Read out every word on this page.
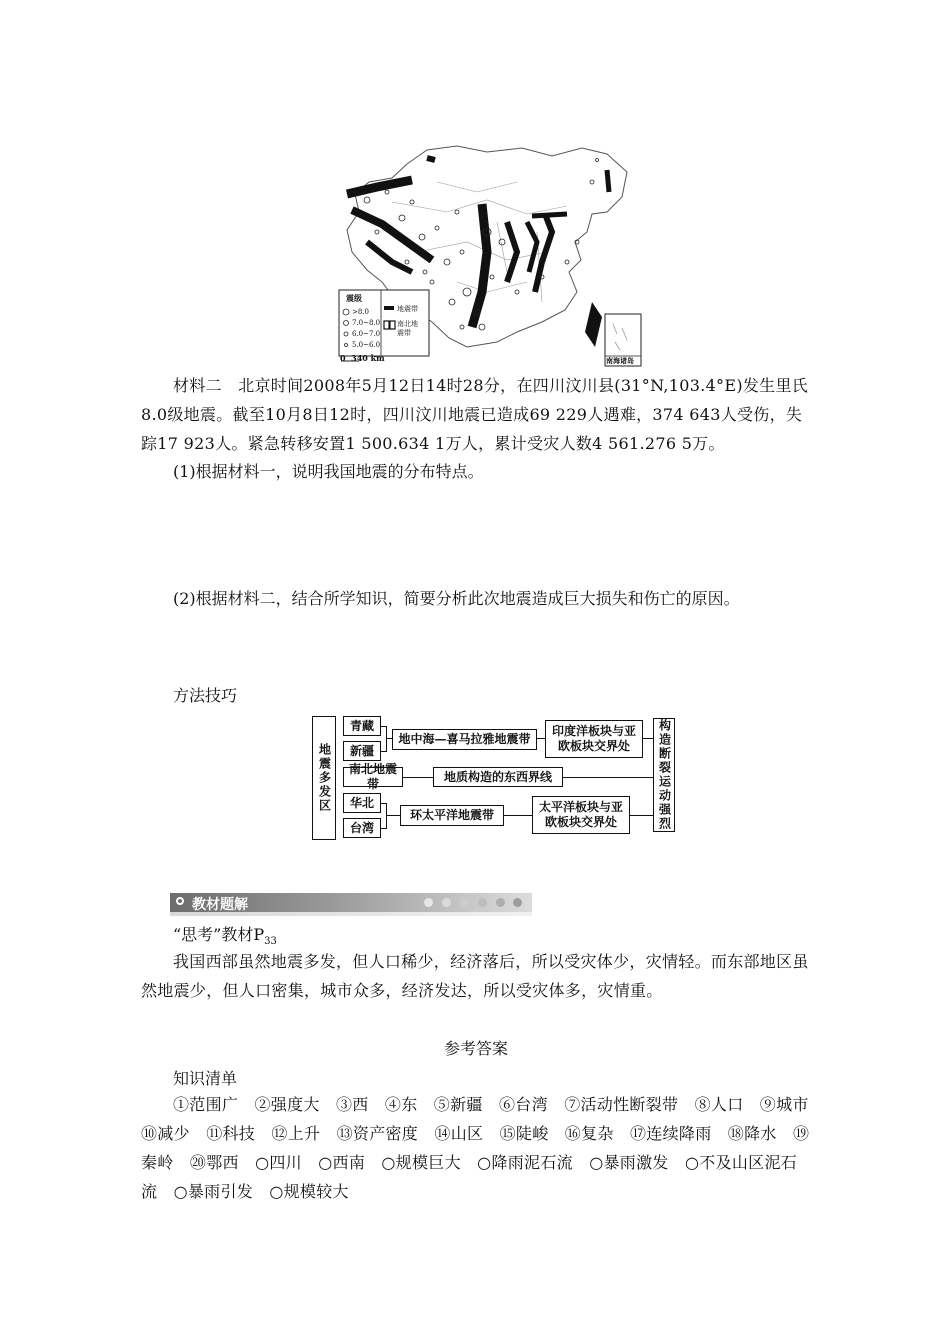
震级
>8.0
7.0~8.0
6.0~7.0
5.0~6.0
地震带
南北地
震带
0  340 km	南海诸岛
材料二　北京时间2008年5月12日14时28分，在四川汶川县(31°N,103.4°E)发生里氏8.0级地震。截至10月8日12时，四川汶川地震已造成69 229人遇难，374 643人受伤，失踪17 923人。紧急转移安置1 500.634 1万人，累计受灾人数4 561.276 5万。
(1)根据材料一，说明我国地震的分布特点。
(2)根据材料二，结合所学知识，简要分析此次地震造成巨大损失和伤亡的原因。
方法技巧
地震多发区
青藏
新疆
地中海—喜马拉雅地震带
印度洋板块与亚
欧板块交界处
南北地震带
地质构造的东西界线
华北
台湾
环太平洋地震带
太平洋板块与亚
欧板块交界处	构造断裂运动强烈
教材题解
“思考”教材$P_{33}$
我国西部虽然地震多发，但人口稀少，经济落后，所以受灾体少，灾情轻。而东部地区虽然地震少，但人口密集，城市众多，经济发达，所以受灾体多，灾情重。
参考答案
知识清单
①范围广　②强度大　③西　④东　⑤新疆　⑥台湾　⑦活动性断裂带　⑧人口　⑨城市　⑩减少　⑪科技　⑫上升　⑬资产密度　⑭山区　⑮陡峻　⑯复杂　⑰连续降雨　⑱降水　⑲秦岭　⑳鄂西　○四川　○西南　○规模巨大　○降雨泥石流　○暴雨激发　○不及山区泥石流　○暴雨引发　○规模较大
